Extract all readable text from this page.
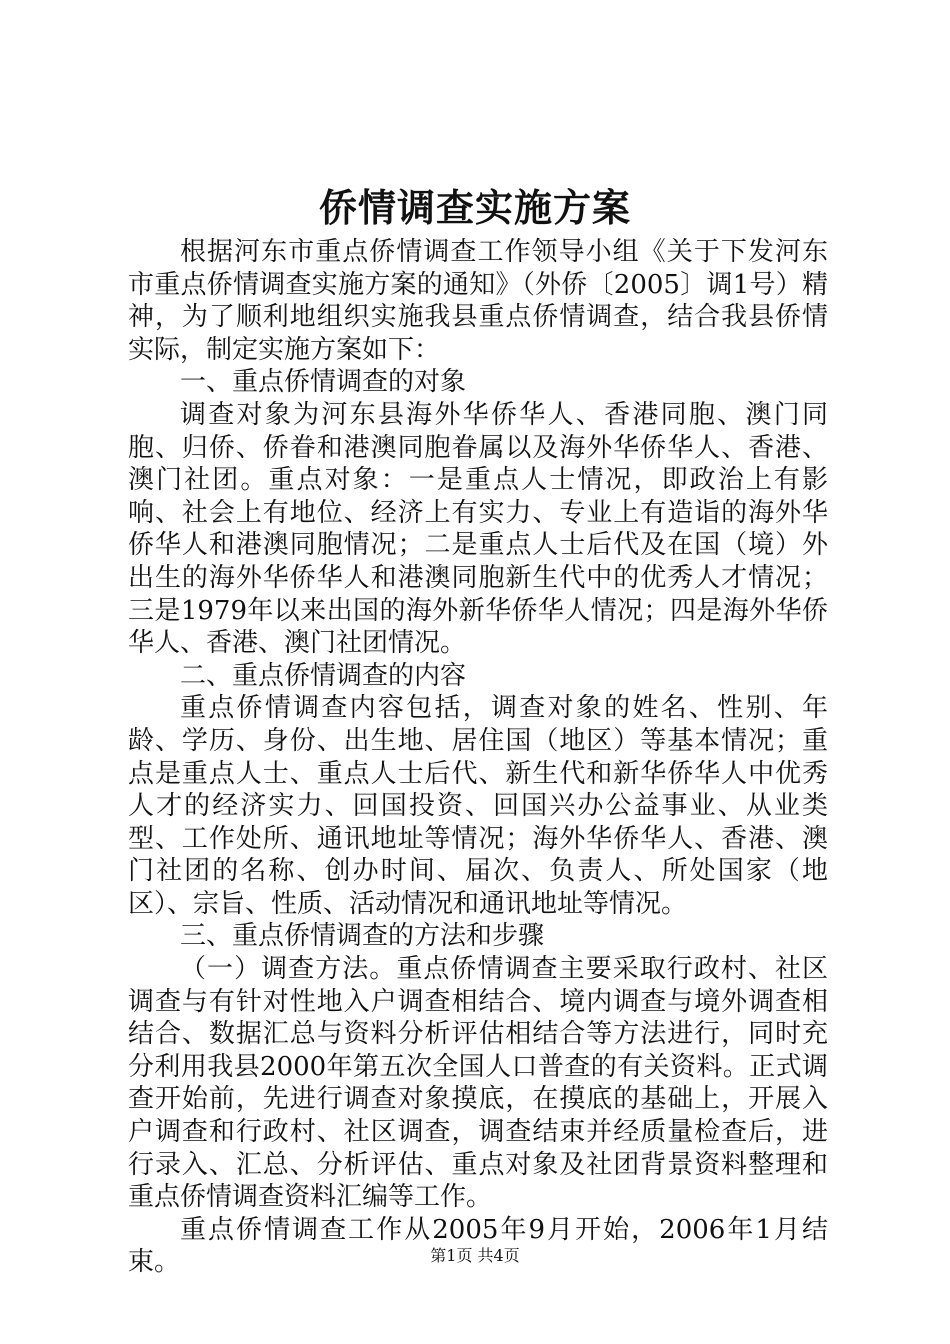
侨情调查实施方案

根据河东市重点侨情调查工作领导小组《关于下发河东市重点侨情调查实施方案的通知》（外侨〔2005〕调1号）精神，为了顺利地组织实施我县重点侨情调查，结合我县侨情实际，制定实施方案如下：

一、重点侨情调查的对象

调查对象为河东县海外华侨华人、香港同胞、澳门同胞、归侨、侨眷和港澳同胞眷属以及海外华侨华人、香港、澳门社团。重点对象：一是重点人士情况，即政治上有影响、社会上有地位、经济上有实力、专业上有造诣的海外华侨华人和港澳同胞情况；二是重点人士后代及在国（境）外出生的海外华侨华人和港澳同胞新生代中的优秀人才情况；三是1979年以来出国的海外新华侨华人情况；四是海外华侨华人、香港、澳门社团情况。

二、重点侨情调查的内容

重点侨情调查内容包括，调查对象的姓名、性别、年龄、学历、身份、出生地、居住国（地区）等基本情况；重点是重点人士、重点人士后代、新生代和新华侨华人中优秀人才的经济实力、回国投资、回国兴办公益事业、从业类型、工作处所、通讯地址等情况；海外华侨华人、香港、澳门社团的名称、创办时间、届次、负责人、所处国家（地区）、宗旨、性质、活动情况和通讯地址等情况。

三、重点侨情调查的方法和步骤

（一）调查方法。重点侨情调查主要采取行政村、社区调查与有针对性地入户调查相结合、境内调查与境外调查相结合、数据汇总与资料分析评估相结合等方法进行，同时充分利用我县2000年第五次全国人口普查的有关资料。正式调查开始前，先进行调查对象摸底，在摸底的基础上，开展入户调查和行政村、社区调查，调查结束并经质量检查后，进行录入、汇总、分析评估、重点对象及社团背景资料整理和重点侨情调查资料汇编等工作。

重点侨情调查工作从2005年9月开始，2006年1月结束。	第1页 共4页
